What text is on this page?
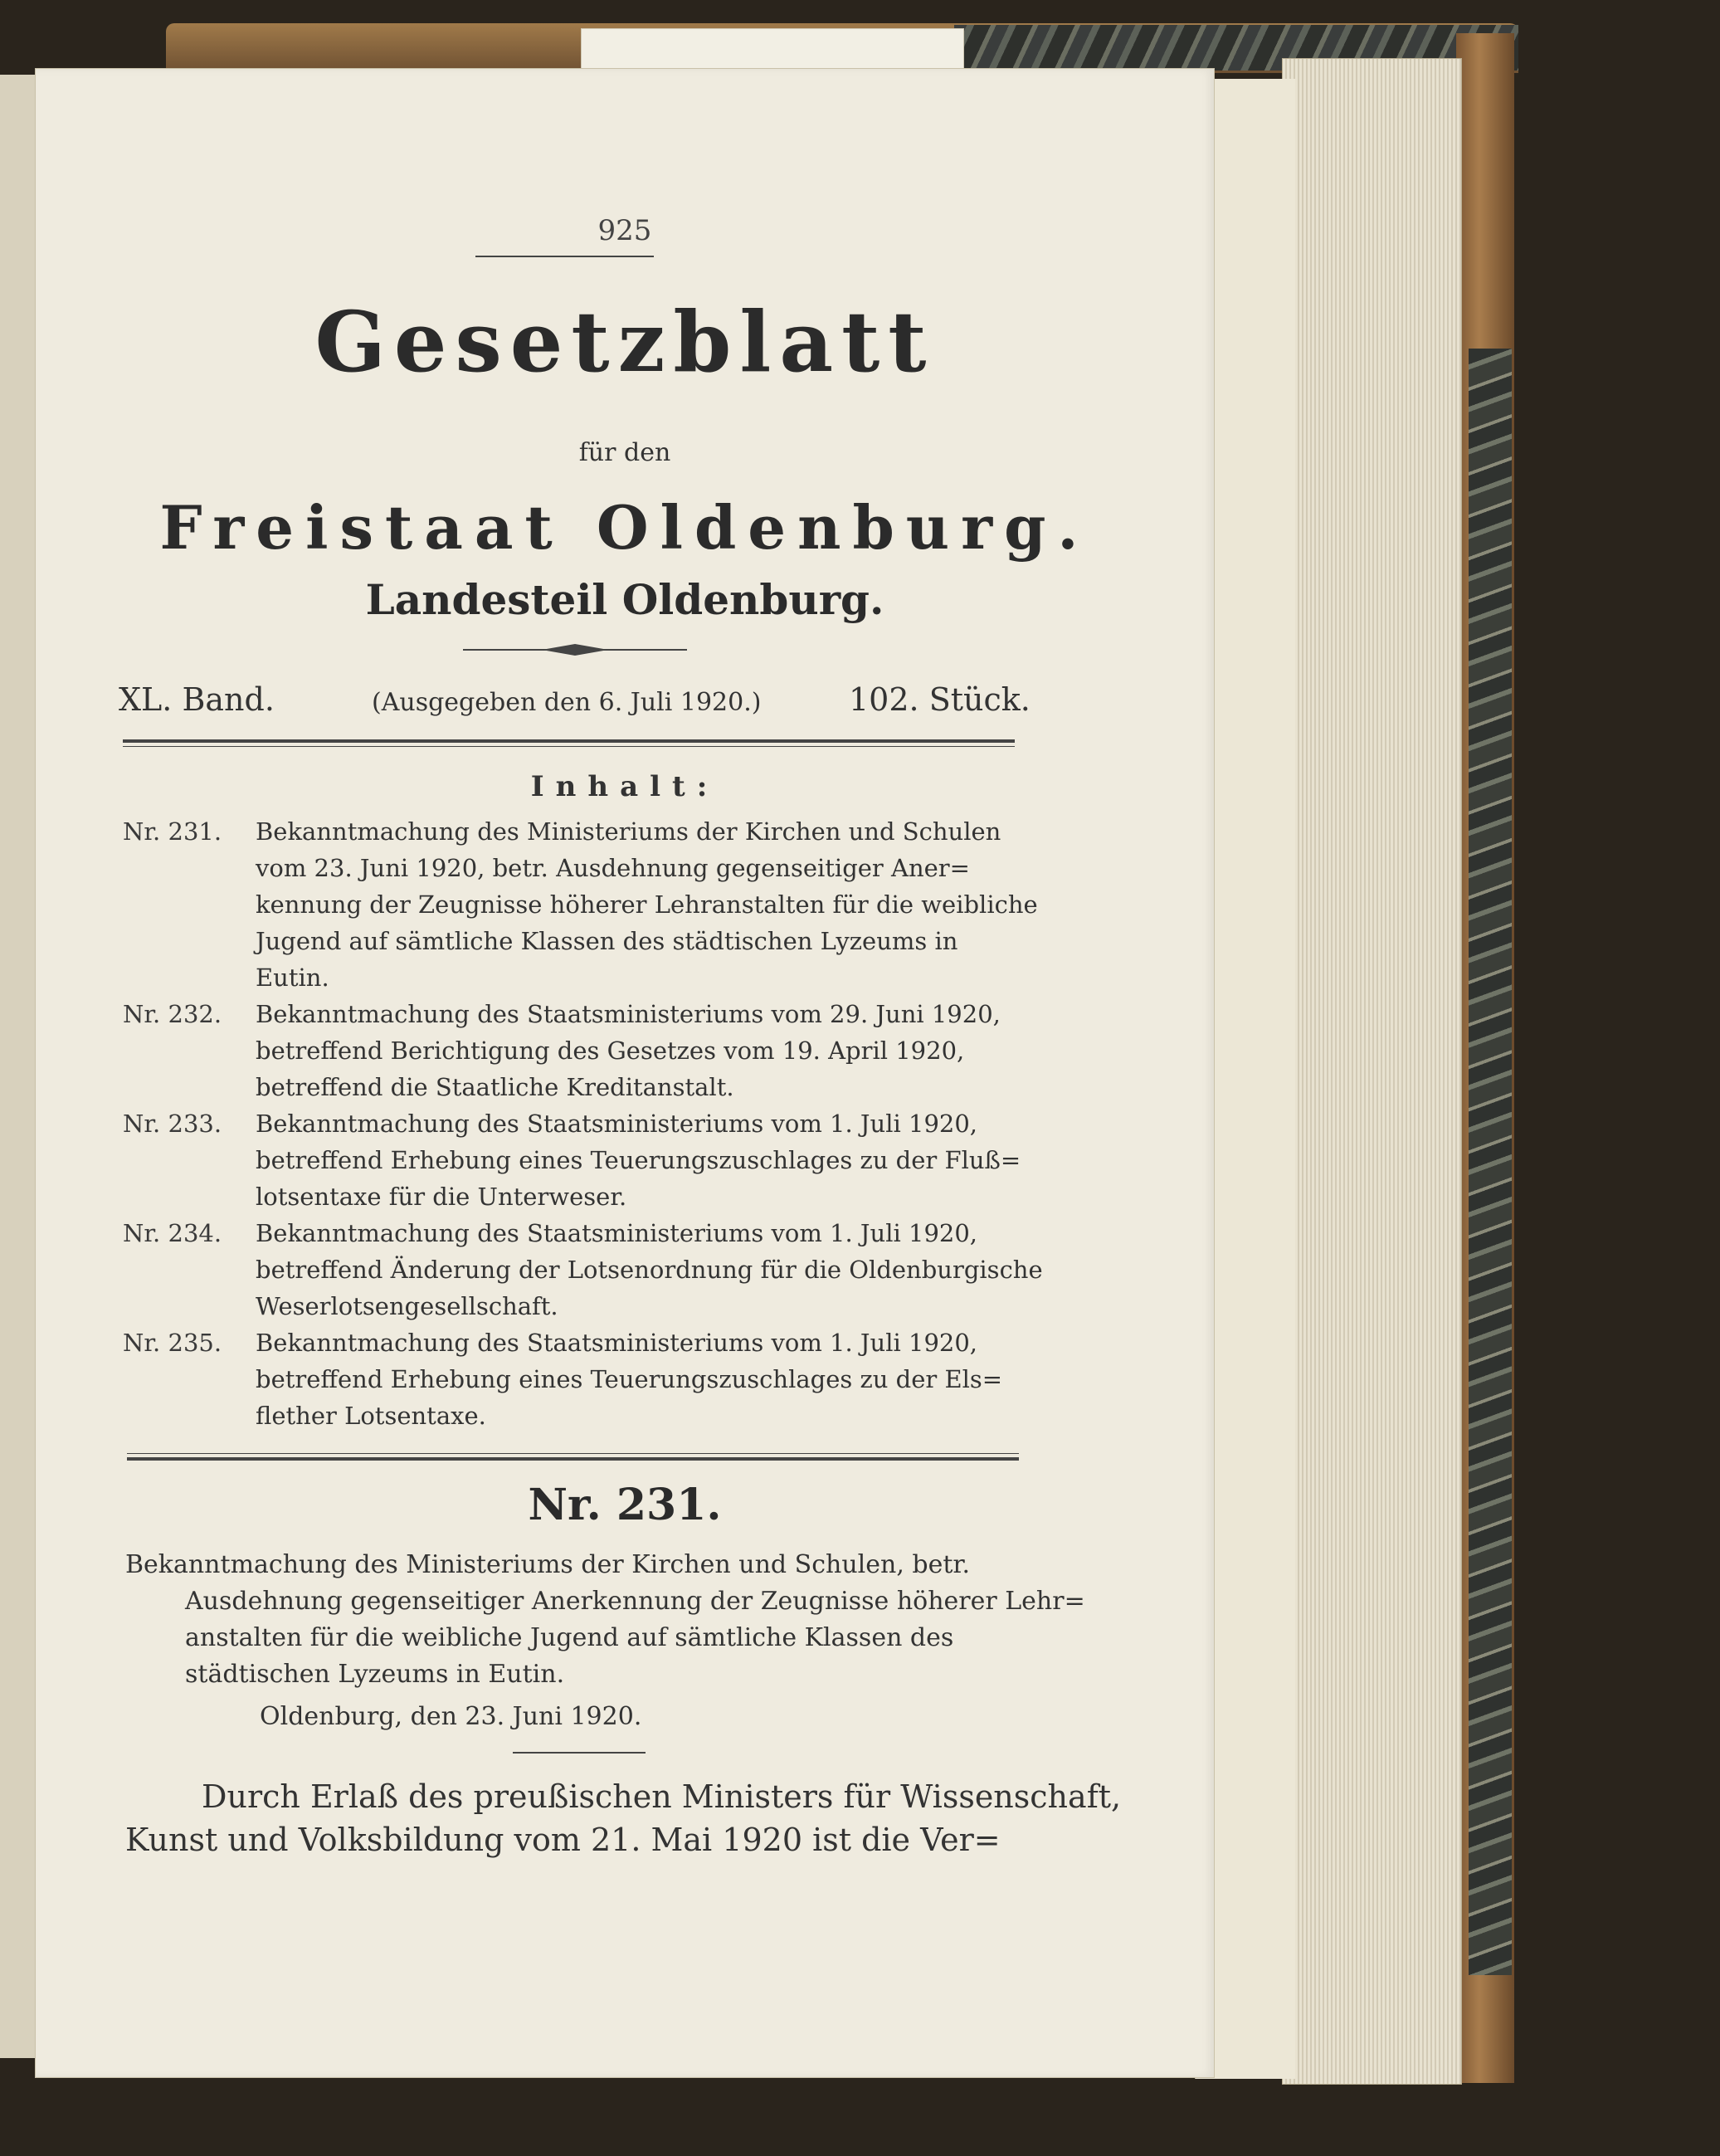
925
Gesetzblatt
für den
Freistaat Oldenburg.
Landesteil Oldenburg.
XL. Band.	(Ausgegeben den 6. Juli 1920.)	102. Stück.
Inhalt:
Nr. 231. Bekanntmachung des Ministeriums der Kirchen und Schulen
vom 23. Juni 1920, betr. Ausdehnung gegenseitiger Aner=
kennung der Zeugnisse höherer Lehranstalten für die weibliche
Jugend auf sämtliche Klassen des städtischen Lyzeums in
Eutin.
Nr. 232. Bekanntmachung des Staatsministeriums vom 29. Juni 1920,
betreffend Berichtigung des Gesetzes vom 19. April 1920,
betreffend die Staatliche Kreditanstalt.
Nr. 233. Bekanntmachung des Staatsministeriums vom 1. Juli 1920,
betreffend Erhebung eines Teuerungszuschlages zu der Fluß=
lotsentaxe für die Unterweser.
Nr. 234. Bekanntmachung des Staatsministeriums vom 1. Juli 1920,
betreffend Änderung der Lotsenordnung für die Oldenburgische
Weserlotsengesellschaft.
Nr. 235. Bekanntmachung des Staatsministeriums vom 1. Juli 1920,
betreffend Erhebung eines Teuerungszuschlages zu der Els=
flether Lotsentaxe.
Nr. 231.
Bekanntmachung des Ministeriums der Kirchen und Schulen, betr.
Ausdehnung gegenseitiger Anerkennung der Zeugnisse höherer Lehr=
anstalten für die weibliche Jugend auf sämtliche Klassen des
städtischen Lyzeums in Eutin.
Oldenburg, den 23. Juni 1920.
Durch Erlaß des preußischen Ministers für Wissenschaft,
Kunst und Volksbildung vom 21. Mai 1920 ist die Ver=
